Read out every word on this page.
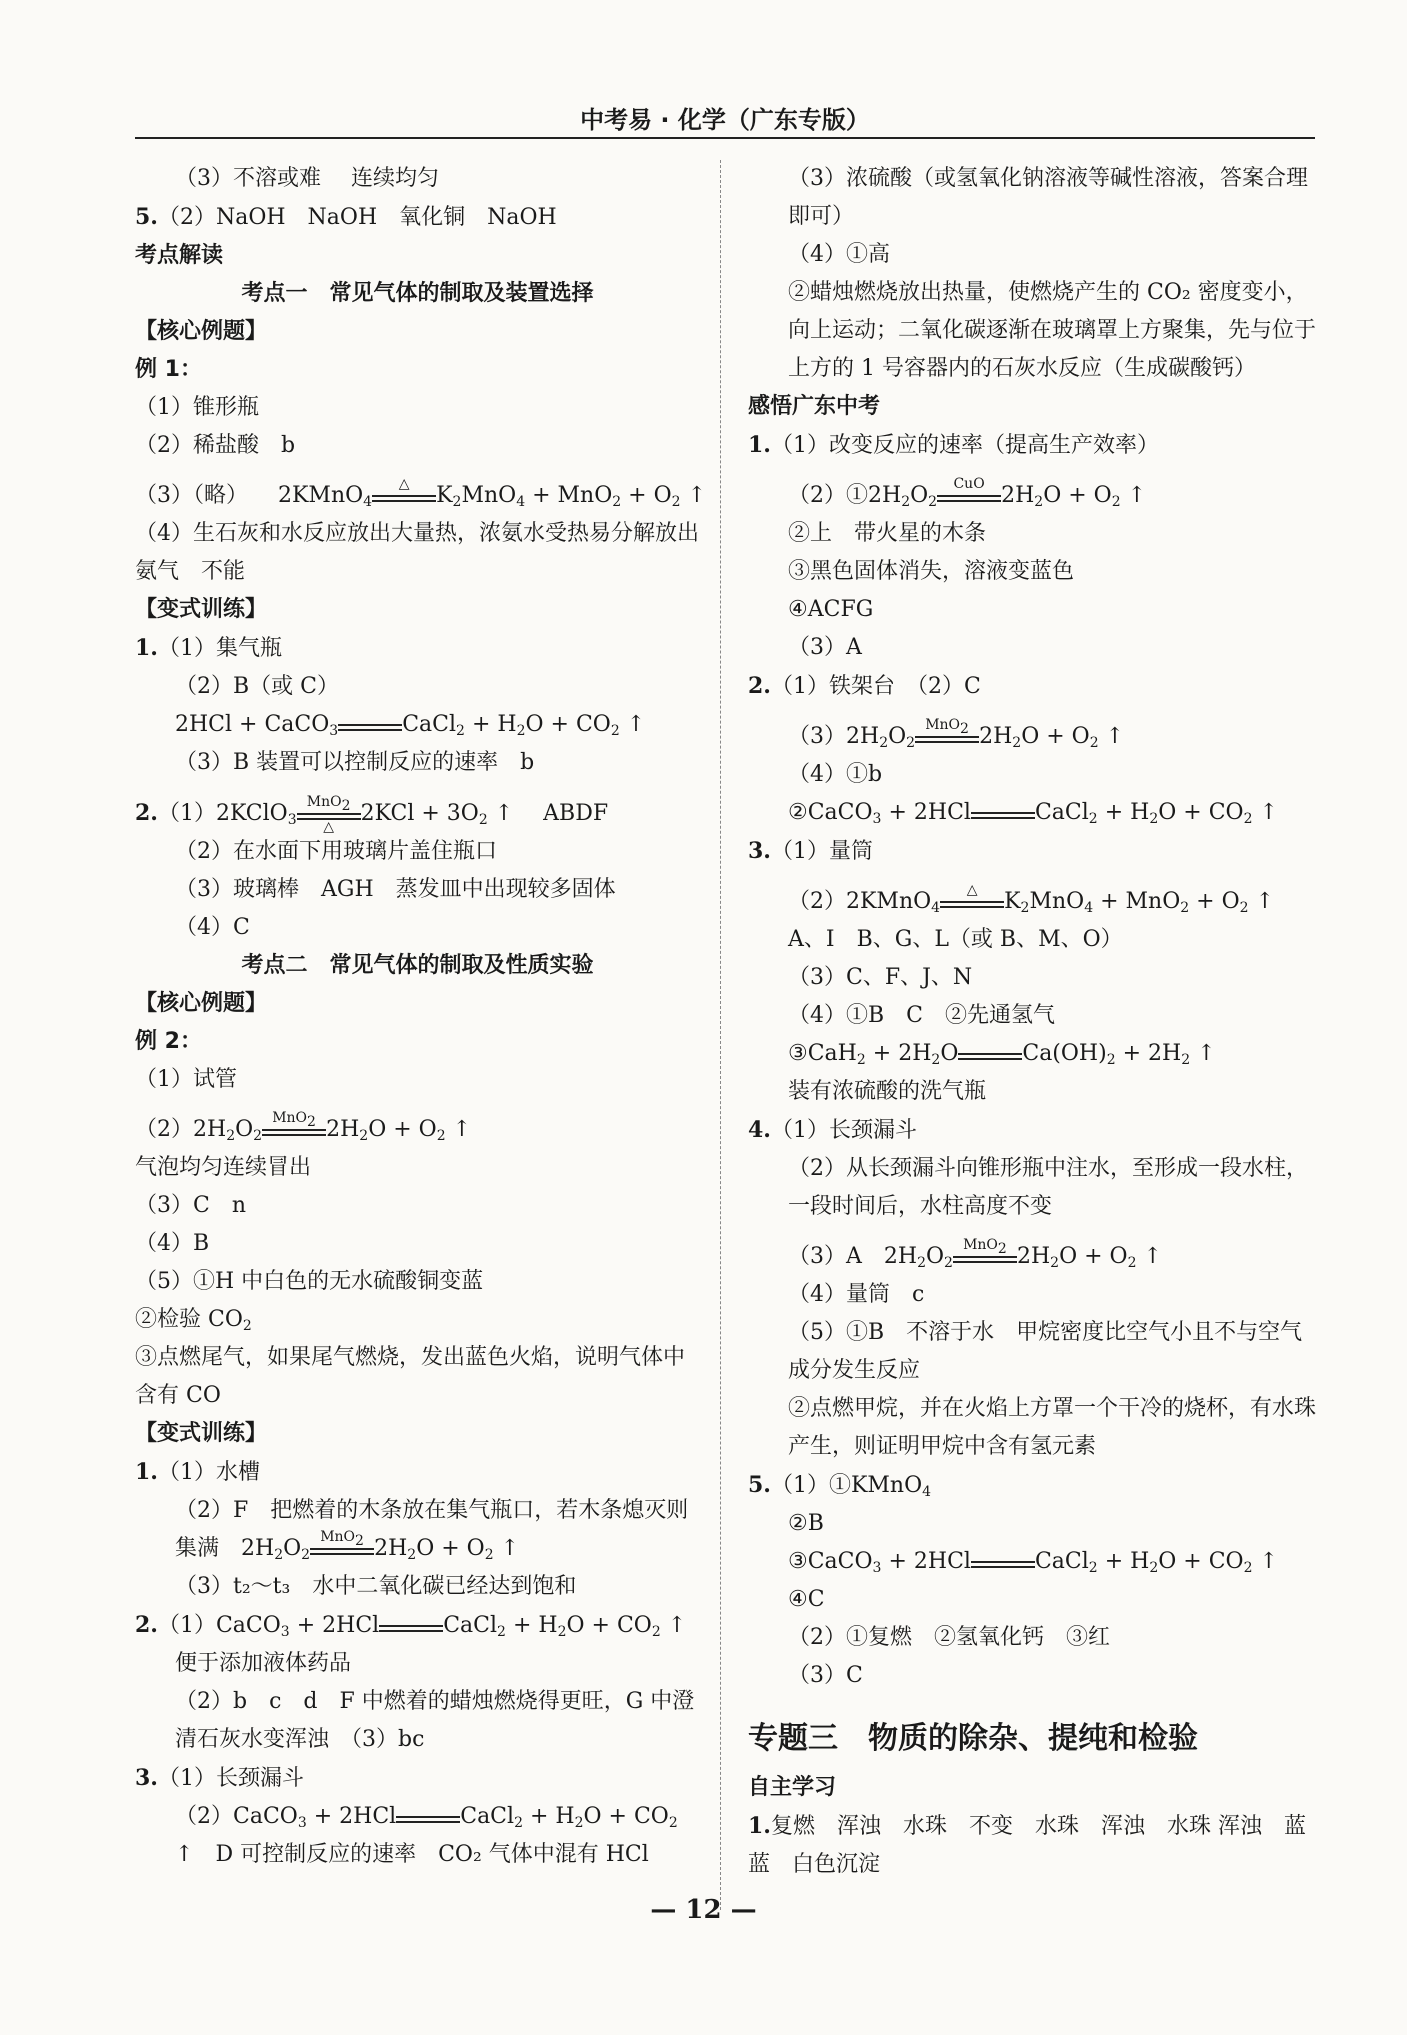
中考易 · 化学（广东专版）
（3）不溶或难 连续均匀
5.（2）NaOH　NaOH　氧化铜　NaOH
考点解读
考点一　常见气体的制取及装置选择
【核心例题】
例 1：
（1）锥形瓶
（2）稀盐酸　b
（3）（略） 2KMnO$_4$
△	$K_2MnO_4 + MnO_2 + O_2$ ↑
（4）生石灰和水反应放出大量热，浓氨水受热易分解放出氨气　不能
【变式训练】
1.（1）集气瓶
（2）B（或 C）
2HCl + CaCO$_3$	CaCl$_2$ + $H_2O + CO_2$ ↑
（3）B 装置可以控制反应的速率　b
2.（1）2KClO$_3$
MnO$_2$
△
$2KCl + 3O_2$ ↑ ABDF
（2）在水面下用玻璃片盖住瓶口
（3）玻璃棒　AGH　蒸发皿中出现较多固体
（4）C
考点二　常见气体的制取及性质实验
【核心例题】
例 2：
（1）试管
$(2)2H_2O_2$
MnO$_2$ $2H_2O + O_2$ ↑
气泡均匀连续冒出
（3）C　n
（4）B
（5）①H 中白色的无水硫酸铜变蓝
②检验 $CO_2$
③点燃尾气，如果尾气燃烧，发出蓝色火焰，说明气体中含有 CO
【变式训练】
1.（1）水槽
（2）F　把燃着的木条放在集气瓶口，若木条熄灭则集满　$2H_2O_2$
MnO$_2$ $2H_2O + O_2$ ↑
（3）t₂～t₃　水中二氧化碳已经达到饱和
2.（1）CaCO$_3$ + 2HCl	CaCl$_2$ + $H_2O + CO_2$ ↑
便于添加液体药品
（2）b　c　d　F 中燃着的蜡烛燃烧得更旺，G 中澄清石灰水变浑浊　（3）bc
3.（1）长颈漏斗
（2）CaCO$_3$ + 2HCl	CaCl$_2$ + $H_2O + CO_2$ ↑　D 可控制反应的速率　CO₂ 气体中混有 HCl
（3）浓硫酸（或氢氧化钠溶液等碱性溶液，答案合理即可）
（4）①高
②蜡烛燃烧放出热量，使燃烧产生的 CO₂ 密度变小，向上运动；二氧化碳逐渐在玻璃罩上方聚集，先与位于上方的 1 号容器内的石灰水反应（生成碳酸钙）
感悟广东中考
1.（1）改变反应的速率（提高生产效率）
$(2)①2H_2O_2$
CuO $2H_2O + O_2$ ↑
②上　带火星的木条
③黑色固体消失，溶液变蓝色
④ACFG
（3）A
2.（1）铁架台　（2）C
$(3)2H_2O_2$
MnO$_2$ $2H_2O + O_2$ ↑
（4）①b
②CaCO$_3$ + 2HCl	CaCl$_2$ + $H_2O + CO_2$ ↑
3.（1）量筒
（2）2KMnO$_4$
△	$K_2MnO_4 + MnO_2 + O_2$ ↑
A、I　B、G、L（或 B、M、O）
（3）C、F、J、N
（4）①B　C　②先通氢气
③CaH$_2$ + $2H_2O$	$Ca(OH)_2 + 2H_2$ ↑
装有浓硫酸的洗气瓶
4.（1）长颈漏斗
（2）从长颈漏斗向锥形瓶中注水，至形成一段水柱，一段时间后，水柱高度不变
（3）A　$2H_2O_2$
MnO$_2$ $2H_2O + O_2$ ↑
（4）量筒　c
（5）①B　不溶于水　甲烷密度比空气小且不与空气成分发生反应
②点燃甲烷，并在火焰上方罩一个干冷的烧杯，有水珠产生，则证明甲烷中含有氢元素
5.（1）①KMnO$_4$
②B
③CaCO$_3$ + 2HCl	CaCl$_2$ + $H_2O + CO_2$ ↑
④C
（2）①复燃　②氢氧化钙　③红
（3）C
专题三　物质的除杂、提纯和检验
自主学习
1.复燃　浑浊　水珠　不变　水珠　浑浊　水珠 浑浊　蓝　蓝　白色沉淀
— 12 —
